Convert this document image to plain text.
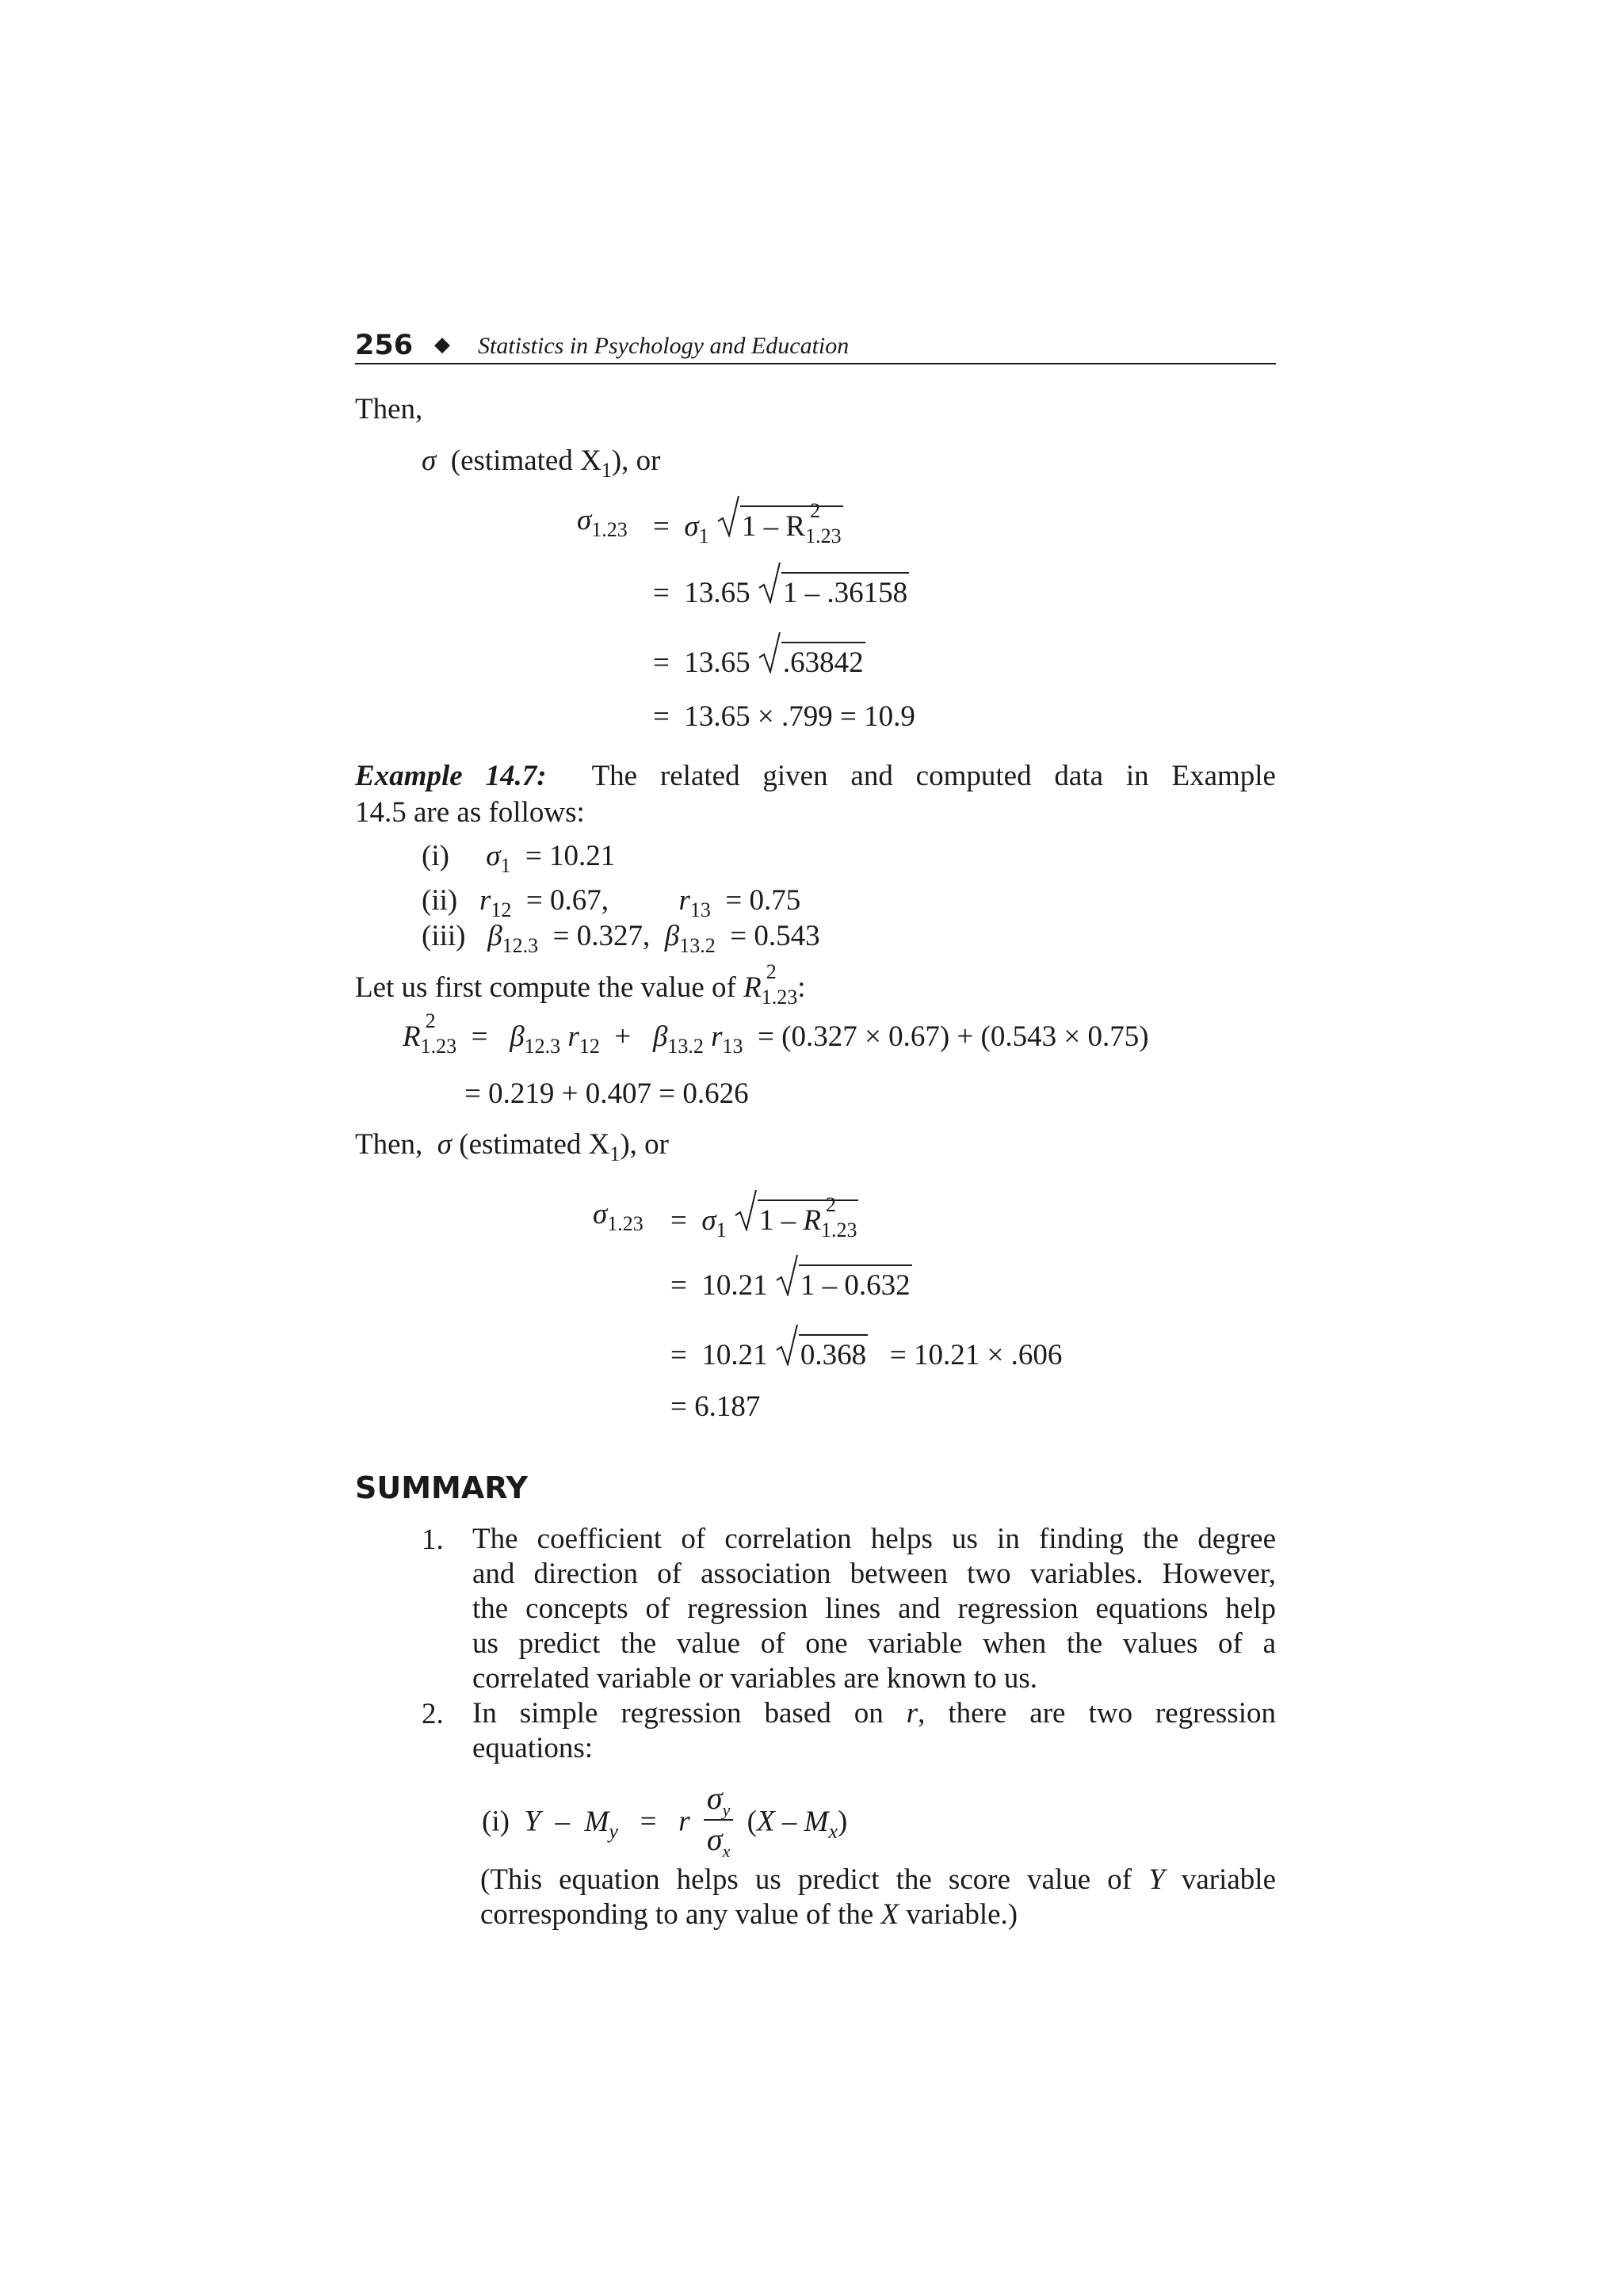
256 ◆ Statistics in Psychology and Education
Then,
σ (estimated $X_1$), or
$\sigma_{1.23} = \sigma_1$ 1 – R 2
1.23
=  13.65 1 – .36158
=  13.65 .63842
=  13.65 × .799 = 10.9
Example 14.7: The related given and computed data in Example
14.5 are as follows:
(i) $\sigma_1 = 10.21$
(ii) $r_{12} = 0.67$, $r_{13} = 0.75$
(iii) $\beta_{12.3} = 0.327$, $\beta_{13.2} = 0.543$
Let us first compute the value of R 2
1.23:
R 2
$1.23 = \beta_{12.3}$ $r_{12} + \beta_{13.2}$ $r_{13} = (0.327 \times 0.67) + (0.543 \times 0.75)$
= 0.219 + 0.407 = 0.626
Then, σ (estimated $X_1$), or
$\sigma_{1.23} = \sigma_1$ 1 – R 2
1.23
=  10.21 1 – 0.632
=  10.21 0.368 = 10.21 × .606
= 6.187
SUMMARY
1. The coefficient of correlation helps us in finding the degree
and direction of association between two variables. However,
the concepts of regression lines and regression equations help
us predict the value of one variable when the values of a
correlated variable or variables are known to us.
2. In simple regression based on r, there are two regression
equations:
(i) $Y - M_y = r \frac{\sigma_y}{\sigma_x} (X - M_x)$
(This equation helps us predict the score value of Y variable
corresponding to any value of the X variable.)
